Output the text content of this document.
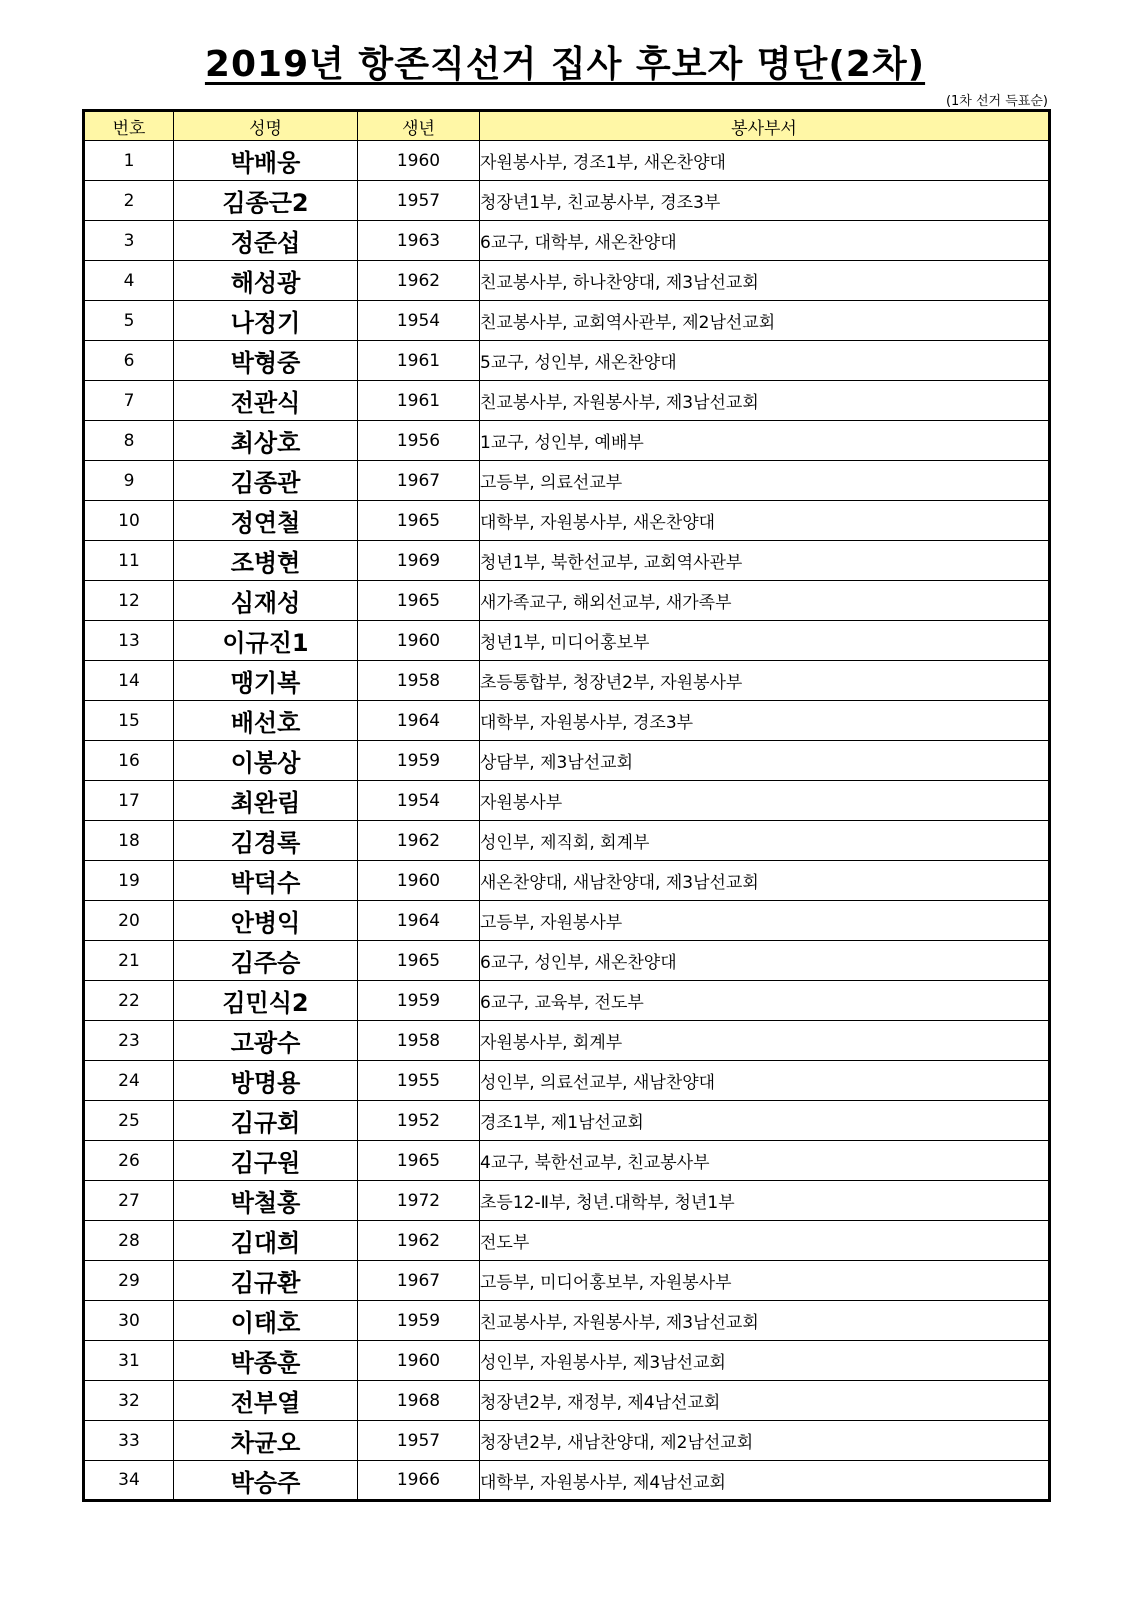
2019년 항존직선거 집사 후보자 명단(2차)
(1차 선거 득표순)
번호	성명	생년	봉사부서
1	박배웅	1960	자원봉사부, 경조1부, 새온찬양대
2	김종근2	1957	청장년1부, 친교봉사부, 경조3부
3	정준섭	1963	6교구, 대학부, 새온찬양대
4	해성광	1962	친교봉사부, 하나찬양대, 제3남선교회
5	나정기	1954	친교봉사부, 교회역사관부, 제2남선교회
6	박형중	1961	5교구, 성인부, 새온찬양대
7	전관식	1961	친교봉사부, 자원봉사부, 제3남선교회
8	최상호	1956	1교구, 성인부, 예배부
9	김종관	1967	고등부, 의료선교부
10	정연철	1965	대학부, 자원봉사부, 새온찬양대
11	조병현	1969	청년1부, 북한선교부, 교회역사관부
12	심재성	1965	새가족교구, 해외선교부, 새가족부
13	이규진1	1960	청년1부, 미디어홍보부
14	맹기복	1958	초등통합부, 청장년2부, 자원봉사부
15	배선호	1964	대학부, 자원봉사부, 경조3부
16	이봉상	1959	상담부, 제3남선교회
17	최완림	1954	자원봉사부
18	김경록	1962	성인부, 제직회, 회계부
19	박덕수	1960	새온찬양대, 새남찬양대, 제3남선교회
20	안병익	1964	고등부, 자원봉사부
21	김주승	1965	6교구, 성인부, 새온찬양대
22	김민식2	1959	6교구, 교육부, 전도부
23	고광수	1958	자원봉사부, 회계부
24	방명용	1955	성인부, 의료선교부, 새남찬양대
25	김규회	1952	경조1부, 제1남선교회
26	김구원	1965	4교구, 북한선교부, 친교봉사부
27	박철홍	1972	초등12-Ⅱ부, 청년.대학부, 청년1부
28	김대희	1962	전도부
29	김규환	1967	고등부, 미디어홍보부, 자원봉사부
30	이태호	1959	친교봉사부, 자원봉사부, 제3남선교회
31	박종훈	1960	성인부, 자원봉사부, 제3남선교회
32	전부열	1968	청장년2부, 재정부, 제4남선교회
33	차균오	1957	청장년2부, 새남찬양대, 제2남선교회
34	박승주	1966	대학부, 자원봉사부, 제4남선교회
